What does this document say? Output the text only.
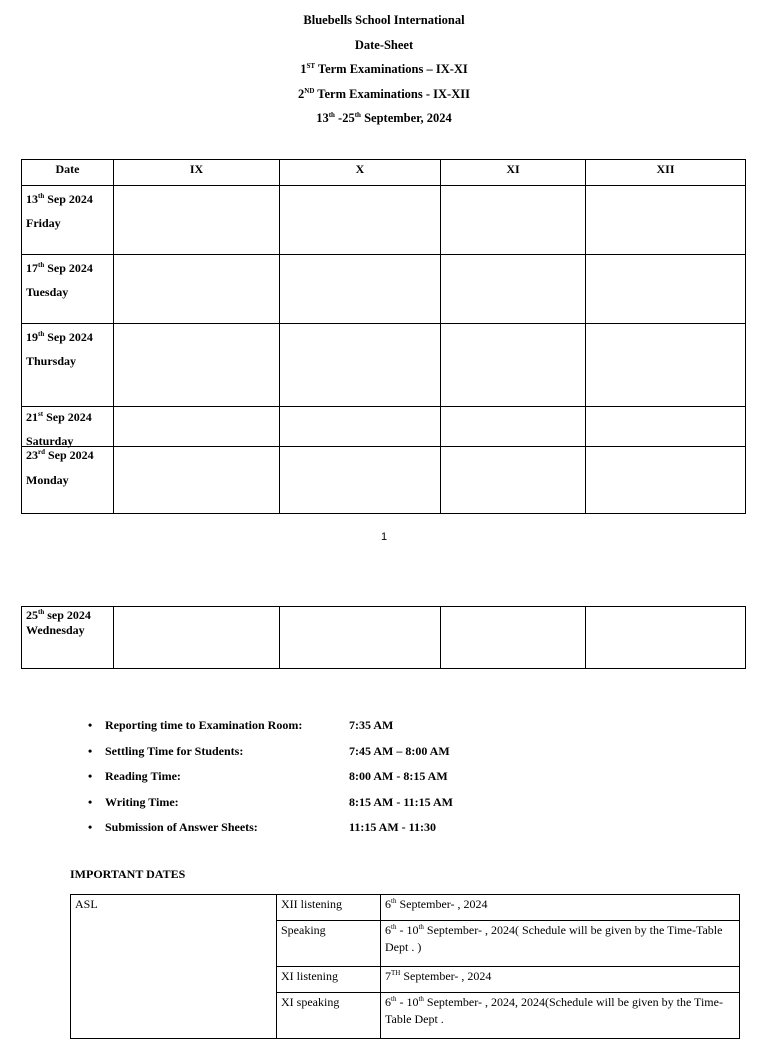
Bluebells School International
Date-Sheet
1ST Term Examinations – IX-XI
2ND Term Examinations - IX-XII
13th -25th September, 2024
Date	IX	X	XI	XII

13th Sep 2024
Friday				

17th Sep 2024
Tuesday				

19th Sep 2024
Thursday				

21st Sep 2024
Saturday				

23rd Sep 2024
Monday				

1
25th sep 2024
Wednesday

• Reporting time to Examination Room:	7:35 AM
• Settling Time for Students:	7:45 AM – 8:00 AM
• Reading Time:	8:00 AM - 8:15 AM
• Writing Time:	8:15 AM - 11:15 AM
• Submission of Answer Sheets:	11:15 AM - 11:30
IMPORTANT DATES
ASL	XII listening	6th September- , 2024
	Speaking	6th - 10th September- , 2024( Schedule will be given by the Time-Table Dept . )
	XI listening	7TH September- , 2024
	XI speaking	6th - 10th September- , 2024, 2024(Schedule will be given by the Time-Table Dept .
